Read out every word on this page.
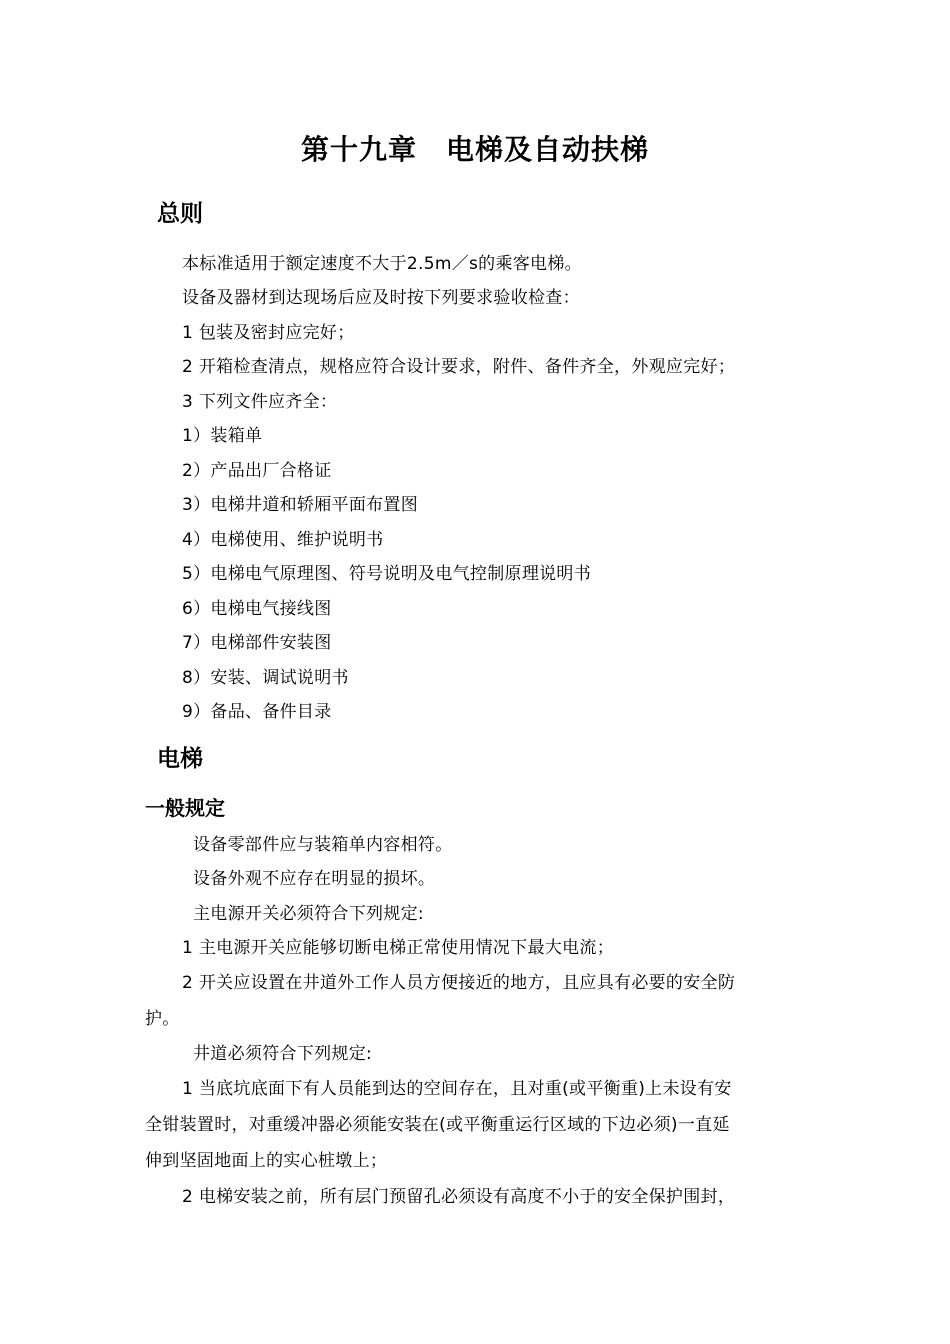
第十九章　电梯及自动扶梯
总则
本标准适用于额定速度不大于2.5m／s的乘客电梯。
设备及器材到达现场后应及时按下列要求验收检查：
1 包装及密封应完好；
2 开箱检查清点，规格应符合设计要求，附件、备件齐全，外观应完好；
3 下列文件应齐全：
1）装箱单
2）产品出厂合格证
3）电梯井道和轿厢平面布置图
4）电梯使用、维护说明书
5）电梯电气原理图、符号说明及电气控制原理说明书
6）电梯电气接线图
7）电梯部件安装图
8）安装、调试说明书
9）备品、备件目录
电梯
一般规定
设备零部件应与装箱单内容相符。
设备外观不应存在明显的损坏。
主电源开关必须符合下列规定:
1 主电源开关应能够切断电梯正常使用情况下最大电流；
2 开关应设置在井道外工作人员方便接近的地方，且应具有必要的安全防
护。
井道必须符合下列规定:
1 当底坑底面下有人员能到达的空间存在，且对重(或平衡重)上未设有安
全钳装置时，对重缓冲器必须能安装在(或平衡重运行区域的下边必须)一直延
伸到坚固地面上的实心桩墩上；
2 电梯安装之前，所有层门预留孔必须设有高度不小于的安全保护围封，
